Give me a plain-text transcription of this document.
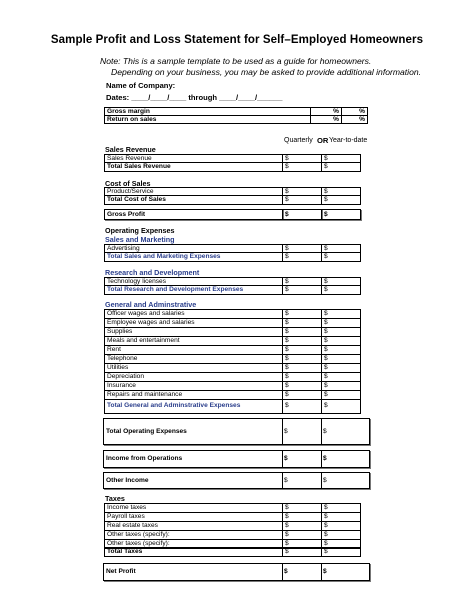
Sample Profit and Loss Statement for Self–Employed Homeowners
Note: This is a sample template to be used as a guide for homeowners.
Depending on your business, you may be asked to provide additional information.
Name of Company:
Dates: ____/____/____ through ____/____/______
Gross margin	%	%
Return on sales	%	%
Quarterly OR Year-to-date
Sales Revenue
Sales Revenue	$	$
Total Sales Revenue	$	$
Cost of Sales
Product/Service	$	$
Total Cost of Sales	$	$
Gross Profit	$	$
Operating Expenses
Sales and Marketing
Advertising	$	$
Total Sales and Marketing Expenses	$	$
Research and Development
Technology licenses	$	$
Total Research and Development Expenses	$	$
General and Adminstrative
Officer wages and salaries	$	$
Employee wages and salaries	$	$
Supplies	$	$
Meals and entertainment	$	$
Rent	$	$
Telephone	$	$
Utilities	$	$
Depreciation	$	$
Insurance	$	$
Repairs and maintenance	$	$
Total General and Adminstrative Expenses	$	$
Total Operating Expenses	$	$
Income from Operations	$	$
Other Income	$	$
Taxes
Income taxes	$	$
Payroll taxes	$	$
Real estate taxes	$	$
Other taxes (specify):	$	$
Other taxes (specify):	$	$
Total Taxes	$	$
Net Profit	$	$
